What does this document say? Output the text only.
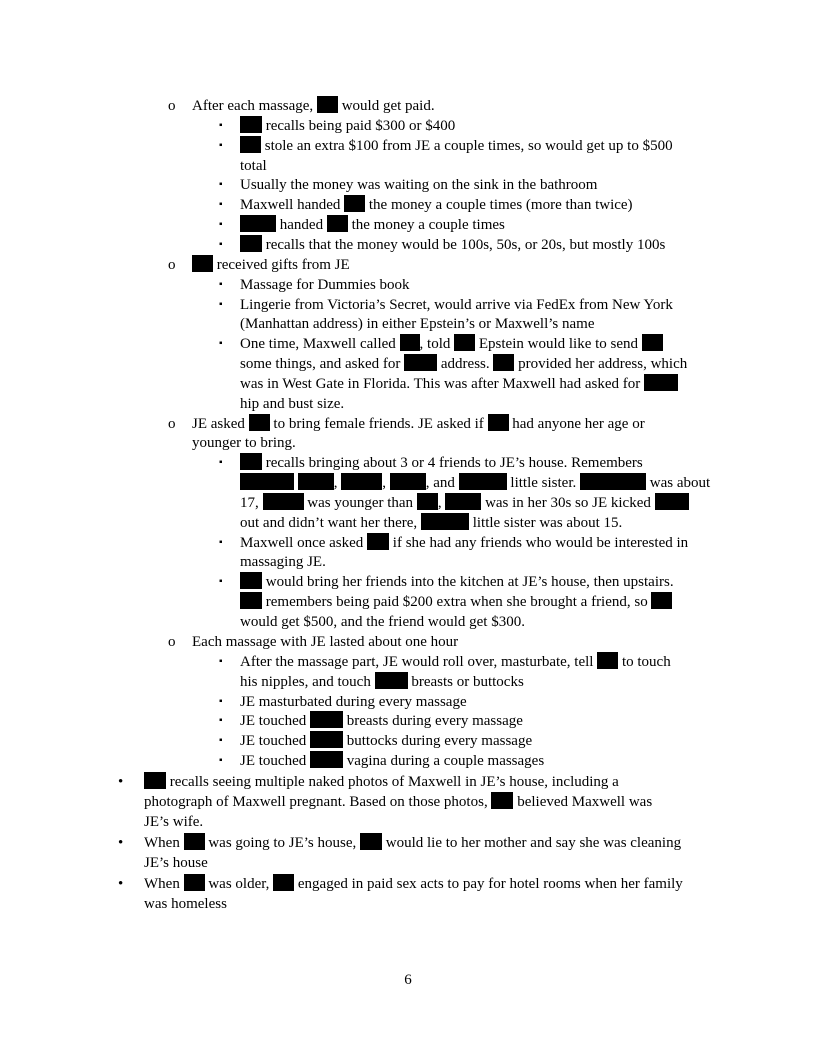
o
o
o
o
▪
▪
▪
▪
▪
▪
▪
▪
▪
▪
▪
▪
▪
▪
▪
▪
▪
•
•
•
After each massage, would get paid.
recalls being paid $300 or $400
stole an extra $100 from JE a couple times, so would get up to $500
total
Usually the money was waiting on the sink in the bathroom
Maxwell handed the money a couple times (more than twice)
handed the money a couple times
recalls that the money would be 100s, 50s, or 20s, but mostly 100s
received gifts from JE
Massage for Dummies book
Lingerie from Victoria’s Secret, would arrive via FedEx from New York
(Manhattan address) in either Epstein’s or Maxwell’s name
One time, Maxwell called , told Epstein would like to send
some things, and asked for	address. provided her address, which
was in West Gate in Florida. This was after Maxwell had asked for
hip and bust size.
JE asked to bring female friends. JE asked if had anyone her age or
younger to bring.
recalls bringing about 3 or 4 friends to JE’s house. Remembers
,	,	, and	little sister.	was about
17,	was younger than ,	was in her 30s so JE kicked
out and didn’t want her there,	little sister was about 15.
Maxwell once asked if she had any friends who would be interested in
massaging JE.
would bring her friends into the kitchen at JE’s house, then upstairs.
remembers being paid $200 extra when she brought a friend, so
would get $500, and the friend would get $300.
Each massage with JE lasted about one hour
After the massage part, JE would roll over, masturbate, tell to touch
his nipples, and touch	breasts or buttocks
JE masturbated during every massage
JE touched	breasts during every massage
JE touched	buttocks during every massage
JE touched	vagina during a couple massages
recalls seeing multiple naked photos of Maxwell in JE’s house, including a
photograph of Maxwell pregnant. Based on those photos, believed Maxwell was
JE’s wife.
When was going to JE’s house, would lie to her mother and say she was cleaning
JE’s house
When was older, engaged in paid sex acts to pay for hotel rooms when her family
was homeless
6
